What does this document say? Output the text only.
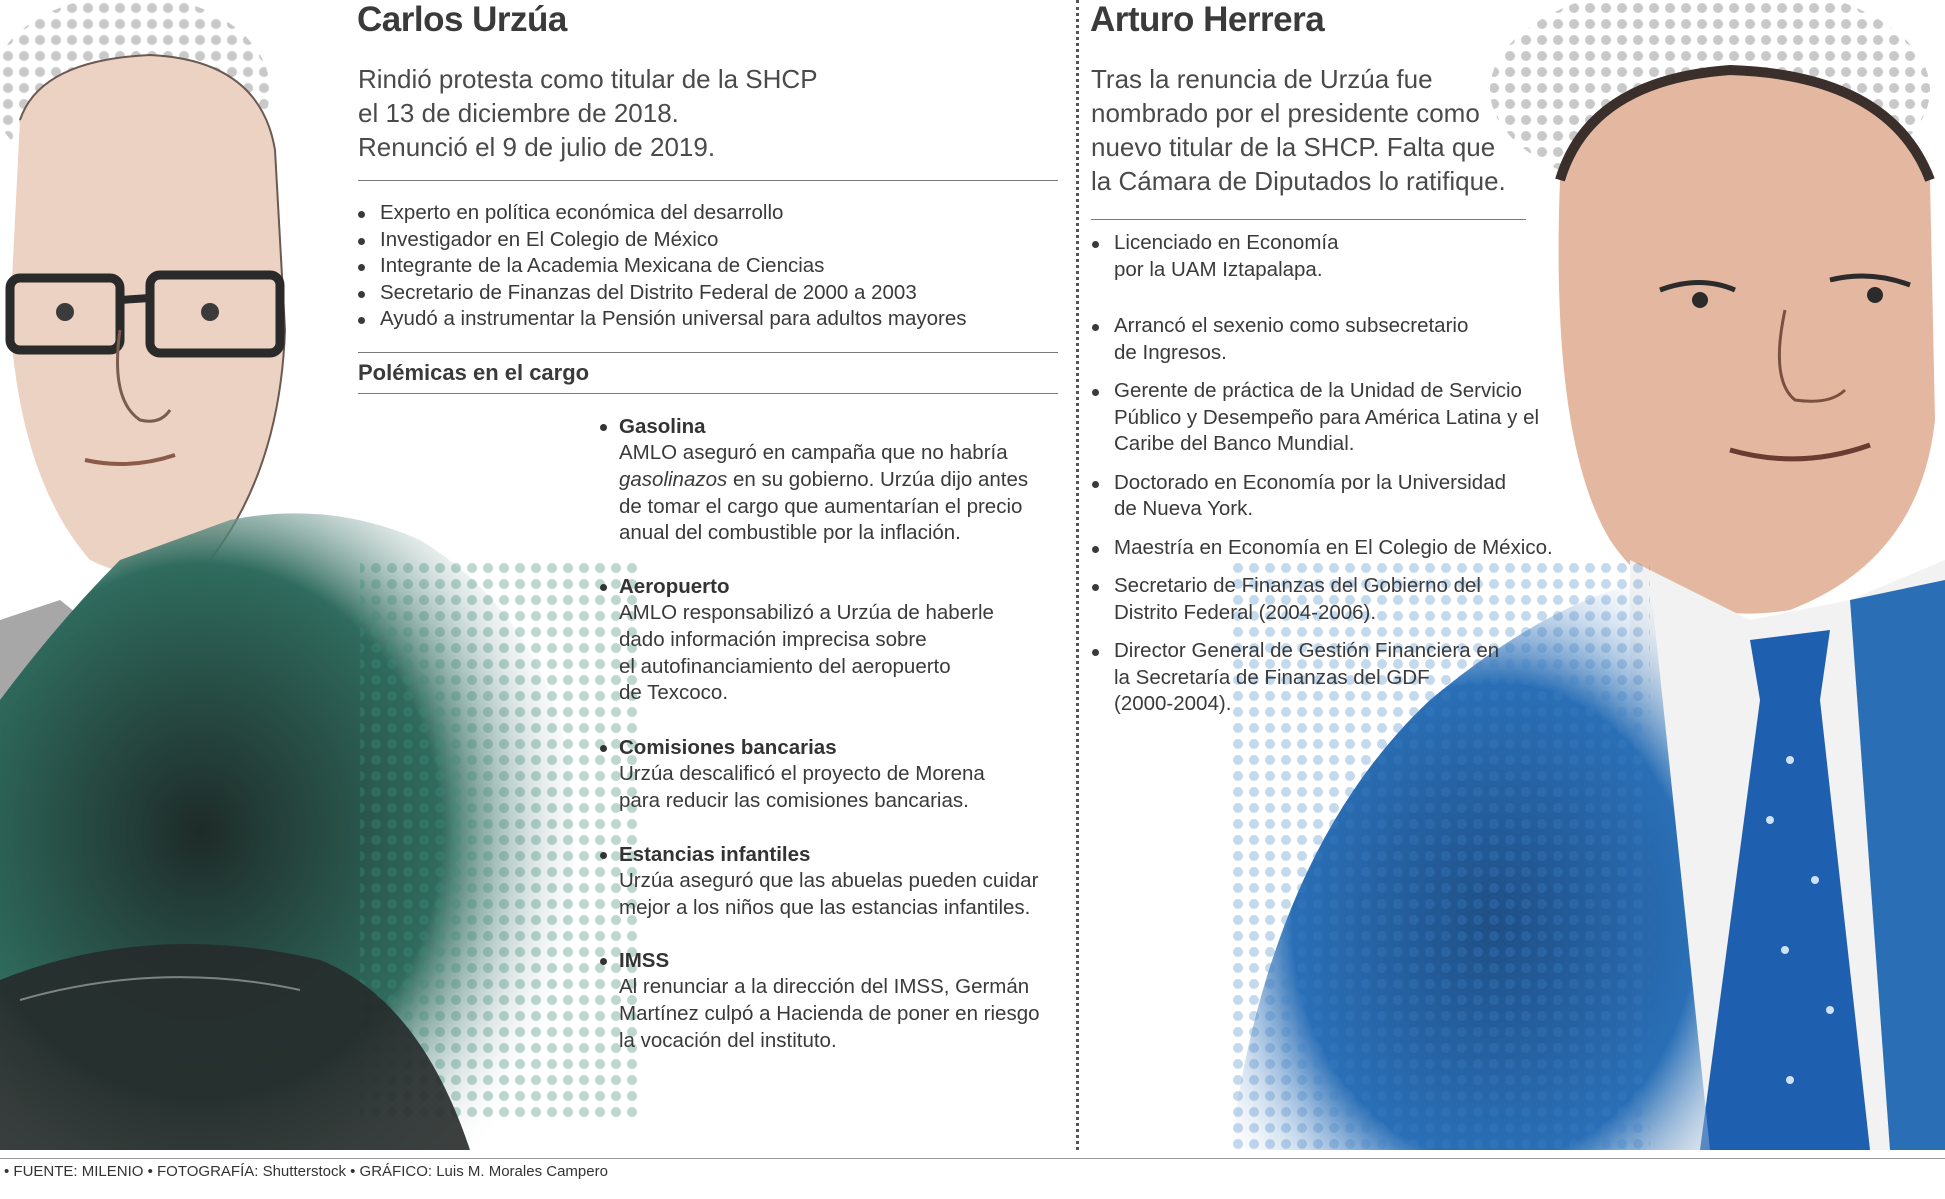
Carlos Urzúa
Rindió protesta como titular de la SHCP
el 13 de diciembre de 2018.
Renunció el 9 de julio de 2019.
Experto en política económica del desarrollo
Investigador en El Colegio de México
Integrante de la Academia Mexicana de Ciencias
Secretario de Finanzas del Distrito Federal de 2000 a 2003
Ayudó a instrumentar la Pensión universal para adultos mayores
Polémicas en el cargo
Gasolina
AMLO aseguró en campaña que no habría
gasolinazos en su gobierno. Urzúa dijo antes
de tomar el cargo que aumentarían el precio
anual del combustible por la inflación.
Aeropuerto
AMLO responsabilizó a Urzúa de haberle
dado información imprecisa sobre
el autofinanciamiento del aeropuerto
de Texcoco.
Comisiones bancarias
Urzúa descalificó el proyecto de Morena
para reducir las comisiones bancarias.
Estancias infantiles
Urzúa aseguró que las abuelas pueden cuidar
mejor a los niños que las estancias infantiles.
IMSS
Al renunciar a la dirección del IMSS, Germán
Martínez culpó a Hacienda de poner en riesgo
la vocación del instituto.
Arturo Herrera
Tras la renuncia de Urzúa fue
nombrado por el presidente como
nuevo titular de la SHCP. Falta que
la Cámara de Diputados lo ratifique.
Licenciado en Economía
por la UAM Iztapalapa.
Arrancó el sexenio como subsecretario
de Ingresos.
Gerente de práctica de la Unidad de Servicio
Público y Desempeño para América Latina y el
Caribe del Banco Mundial.
Doctorado en Economía por la Universidad
de Nueva York.
Maestría en Economía en El Colegio de México.
Secretario de Finanzas del Gobierno del
Distrito Federal (2004-2006).
Director General de Gestión Financiera en
la Secretaría de Finanzas del GDF
(2000-2004).
• FUENTE: MILENIO • FOTOGRAFÍA: Shutterstock • GRÁFICO: Luis M. Morales Campero
